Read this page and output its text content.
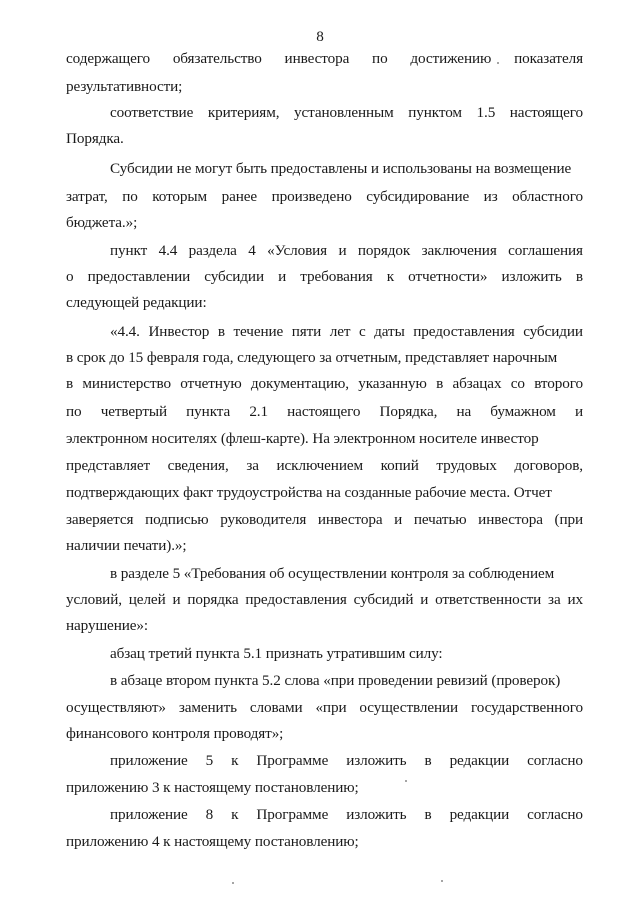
8
содержащего обязательство инвестора по достижению показателя
результативности;
соответствие критериям, установленным пунктом 1.5 настоящего
Порядка.
Субсидии не могут быть предоставлены и использованы на возмещение
затрат, по которым ранее произведено субсидирование из областного
бюджета.»;
пункт 4.4 раздела 4 «Условия и порядок заключения соглашения
о предоставлении субсидии и требования к отчетности» изложить в
следующей редакции:
«4.4. Инвестор в течение пяти лет с даты предоставления субсидии
в срок до 15 февраля года, следующего за отчетным, представляет нарочным
в министерство отчетную документацию, указанную в абзацах со второго
по четвертый пункта 2.1 настоящего Порядка, на бумажном и
электронном носителях (флеш-карте). На электронном носителе инвестор
представляет сведения, за исключением копий трудовых договоров,
подтверждающих факт трудоустройства на созданные рабочие места. Отчет
заверяется подписью руководителя инвестора и печатью инвестора (при
наличии печати).»;
в разделе 5 «Требования об осуществлении контроля за соблюдением
условий, целей и порядка предоставления субсидий и ответственности за их
нарушение»:
абзац третий пункта 5.1 признать утратившим силу:
в абзаце втором пункта 5.2 слова «при проведении ревизий (проверок)
осуществляют» заменить словами «при осуществлении государственного
финансового контроля проводят»;
приложение 5 к Программе изложить в редакции согласно
приложению 3 к настоящему постановлению;
приложение 8 к Программе изложить в редакции согласно
приложению 4 к настоящему постановлению;
